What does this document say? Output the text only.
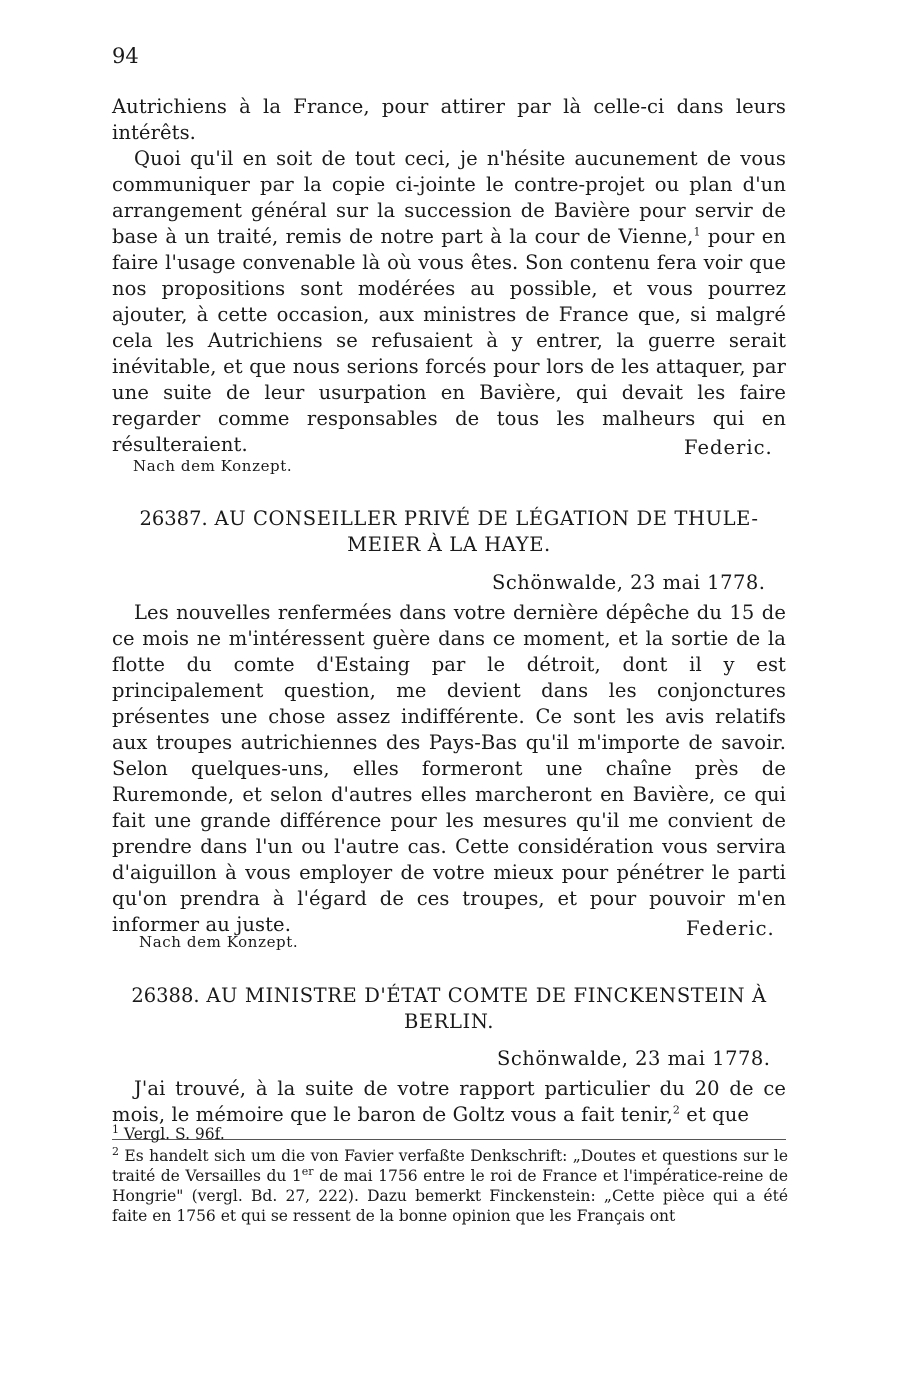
94

Autrichiens à la France, pour attirer par là celle-ci dans leurs intérêts.

Quoi qu'il en soit de tout ceci, je n'hésite aucunement de vous communiquer par la copie ci-jointe le contre-projet ou plan d'un arrangement général sur la succession de Bavière pour servir de base à un traité, remis de notre part à la cour de Vienne,$^1$ pour en faire l'usage convenable là où vous êtes. Son contenu fera voir que nos propositions sont modérées au possible, et vous pourrez ajouter, à cette occasion, aux ministres de France que, si malgré cela les Autrichiens se refusaient à y entrer, la guerre serait inévitable, et que nous serions forcés pour lors de les attaquer, par une suite de leur usurpation en Bavière, qui devait les faire regarder comme responsables de tous les malheurs qui en résulteraient.	Federic.
Nach dem Konzept.
26387. AU CONSEILLER PRIVÉ DE LÉGATION DE THULE-
MEIER À LA HAYE.
Schönwalde, 23 mai 1778.

Les nouvelles renfermées dans votre dernière dépêche du 15 de ce mois ne m'intéressent guère dans ce moment, et la sortie de la flotte du comte d'Estaing par le détroit, dont il y est principalement question, me devient dans les conjonctures présentes une chose assez indifférente. Ce sont les avis relatifs aux troupes autrichiennes des Pays-Bas qu'il m'importe de savoir. Selon quelques-uns, elles formeront une chaîne près de Ruremonde, et selon d'autres elles marcheront en Bavière, ce qui fait une grande différence pour les mesures qu'il me convient de prendre dans l'un ou l'autre cas. Cette considération vous servira d'aiguillon à vous employer de votre mieux pour pénétrer le parti qu'on prendra à l'égard de ces troupes, et pour pouvoir m'en informer au juste.	Federic.
Nach dem Konzept.
26388. AU MINISTRE D'ÉTAT COMTE DE FINCKENSTEIN À
BERLIN.
Schönwalde, 23 mai 1778.

J'ai trouvé, à la suite de votre rapport particulier du 20 de ce mois, le mémoire que le baron de Goltz vous a fait tenir,$^2$ et que

$^1$ Vergl. S. 96f.
$^2$ Es handelt sich um die von Favier verfaßte Denkschrift: „Doutes et questions sur le traité de Versailles du 1er de mai 1756 entre le roi de France et l'impératice-reine de Hongrie" (vergl. Bd. 27, 222). Dazu bemerkt Finckenstein: „Cette pièce qui a été faite en 1756 et qui se ressent de la bonne opinion que les Français ont
